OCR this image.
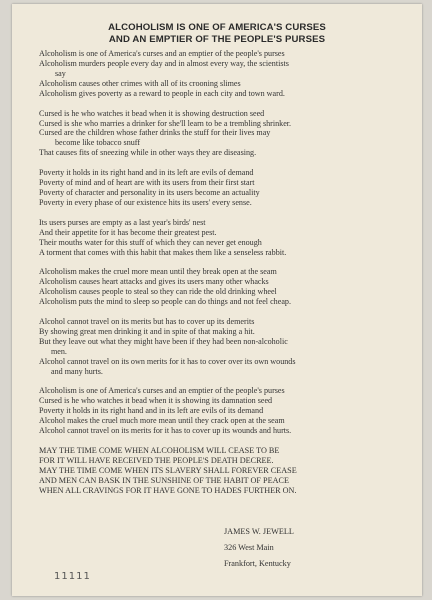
ALCOHOLISM IS ONE OF AMERICA'S CURSES
AND AN EMPTIER OF THE PEOPLE'S PURSES
Alcoholism is one of America's curses and an emptier of the people's purses
Alcoholism murders people every day and in almost every way, the scientists
say
Alcoholism causes other crimes with all of its crooning slimes
Alcoholism gives poverty as a reward to people in each city and town ward.
Cursed is he who watches it bead when it is showing destruction seed
Cursed is she who marries a drinker for she'll learn to be a trembling shrinker.
Cursed are the children whose father drinks the stuff for their lives may
become like tobacco snuff
That causes fits of sneezing while in other ways they are diseasing.
Poverty it holds in its right hand and in its left are evils of demand
Poverty of mind and of heart are with its users from their first start
Poverty of character and personality in its users become an actuality
Poverty in every phase of our existence hits its users' every sense.
Its users purses are empty as a last year's birds' nest
And their appetite for it has become their greatest pest.
Their mouths water for this stuff of which they can never get enough
A torment that comes with this habit that makes them like a senseless rabbit.
Alcoholism makes the cruel more mean until they break open at the seam
Alcoholism causes heart attacks and gives its users many other whacks
Alcoholism causes people to steal so they can ride the old drinking wheel
Alcoholism puts the mind to sleep so people can do things and not feel cheap.
Alcohol cannot travel on its merits but has to cover up its demerits
By showing great men drinking it and in spite of that making a hit.
But they leave out what they might have been if they had been non-alcoholic
men.
Alcohol cannot travel on its own merits for it has to cover over its own wounds
and many hurts.
Alcoholism is one of America's curses and an emptier of the people's purses
Cursed is he who watches it bead when it is showing its damnation seed
Poverty it holds in its right hand and in its left are evils of its demand
Alcohol makes the cruel much more mean until they crack open at the seam
Alcohol cannot travel on its merits for it has to cover up its wounds and hurts.
MAY THE TIME COME WHEN ALCOHOLISM WILL CEASE TO BE
FOR IT WILL HAVE RECEIVED THE PEOPLE'S DEATH DECREE.
MAY THE TIME COME WHEN ITS SLAVERY SHALL FOREVER CEASE
AND MEN CAN BASK IN THE SUNSHINE OF THE HABIT OF PEACE
WHEN ALL CRAVINGS FOR IT HAVE GONE TO HADES FURTHER ON.
JAMES W. JEWELL
326 West Main
Frankfort, Kentucky
11111
